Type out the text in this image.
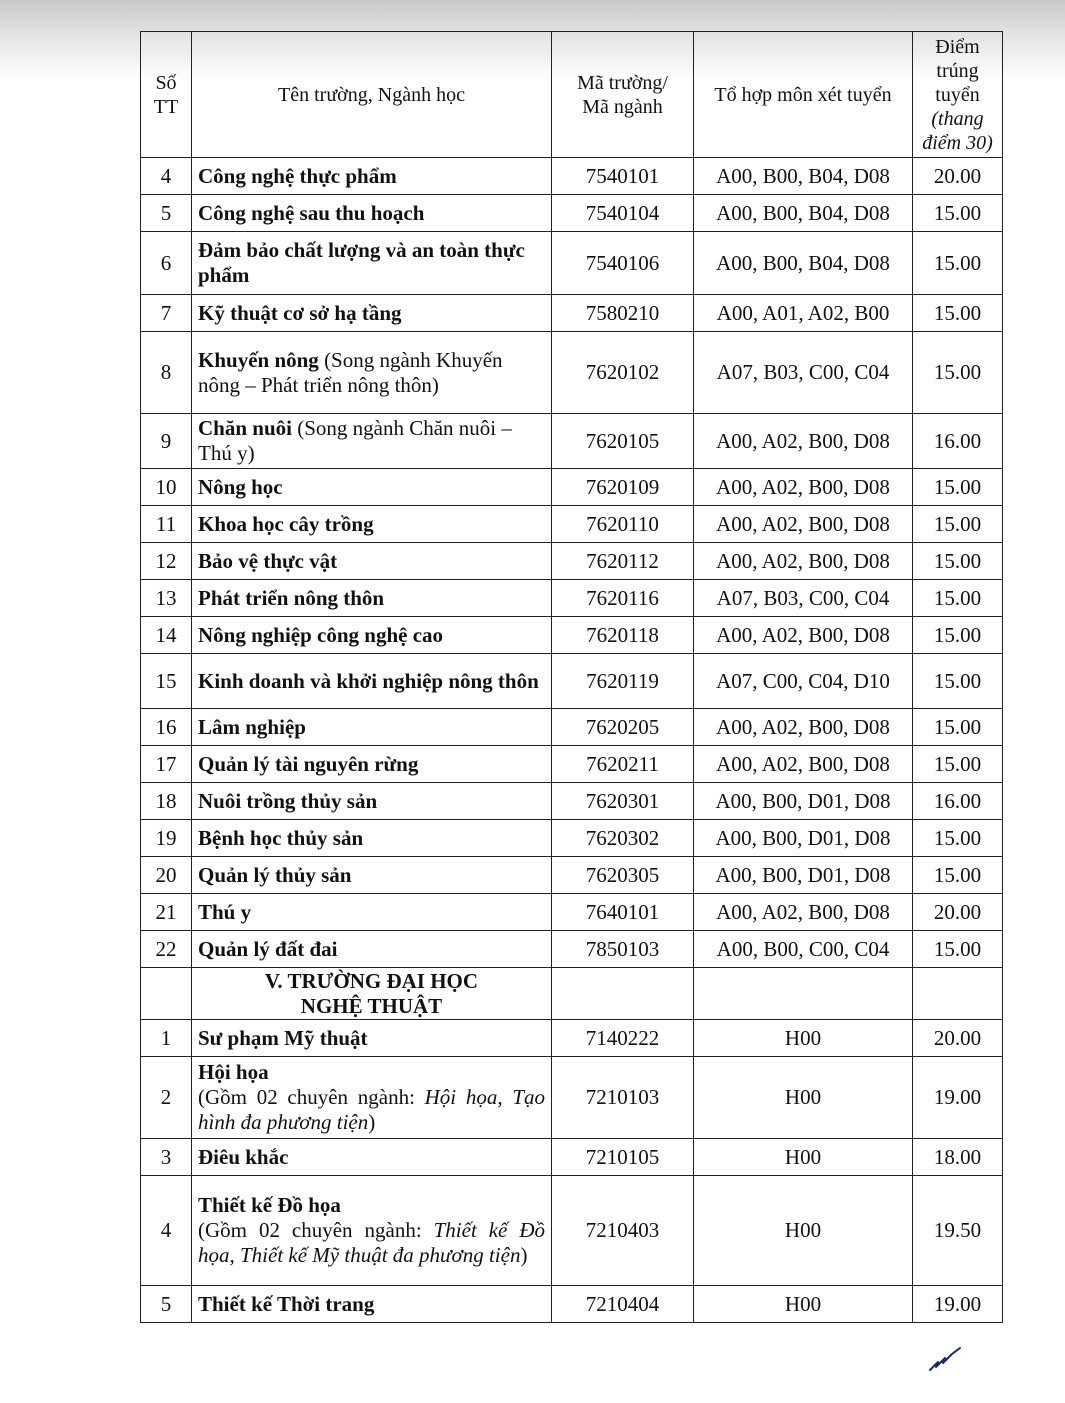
Số TT	Tên trường, Ngành học	Mã trường/ Mã ngành	Tổ hợp môn xét tuyển	Điểm trúng tuyển
(thang điểm 30)

4	Công nghệ thực phẩm	7540101	A00, B00, B04, D08	20.00
5	Công nghệ sau thu hoạch	7540104	A00, B00, B04, D08	15.00
6	Đảm bảo chất lượng và an toàn thực phẩm	7540106	A00, B00, B04, D08	15.00
7	Kỹ thuật cơ sở hạ tầng	7580210	A00, A01, A02, B00	15.00
8	Khuyến nông (Song ngành Khuyến nông – Phát triển nông thôn)	7620102	A07, B03, C00, C04	15.00
9	Chăn nuôi (Song ngành Chăn nuôi – Thú y)	7620105	A00, A02, B00, D08	16.00
10	Nông học	7620109	A00, A02, B00, D08	15.00
11	Khoa học cây trồng	7620110	A00, A02, B00, D08	15.00
12	Bảo vệ thực vật	7620112	A00, A02, B00, D08	15.00
13	Phát triển nông thôn	7620116	A07, B03, C00, C04	15.00
14	Nông nghiệp công nghệ cao	7620118	A00, A02, B00, D08	15.00
15	Kinh doanh và khởi nghiệp nông thôn	7620119	A07, C00, C04, D10	15.00
16	Lâm nghiệp	7620205	A00, A02, B00, D08	15.00
17	Quản lý tài nguyên rừng	7620211	A00, A02, B00, D08	15.00
18	Nuôi trồng thủy sản	7620301	A00, B00, D01, D08	16.00
19	Bệnh học thủy sản	7620302	A00, B00, D01, D08	15.00
20	Quản lý thủy sản	7620305	A00, B00, D01, D08	15.00
21	Thú y	7640101	A00, A02, B00, D08	20.00
22	Quản lý đất đai	7850103	A00, B00, C00, C04	15.00

	V. TRƯỜNG ĐẠI HỌC
NGHỆ THUẬT			

1	Sư phạm Mỹ thuật	7140222	H00	20.00
2	Hội họa
(Gồm 02 chuyên ngành: Hội họa, Tạo hình đa phương tiện)	7210103	H00	19.00
3	Điêu khắc	7210105	H00	18.00
4	Thiết kế Đồ họa
(Gồm 02 chuyên ngành: Thiết kế Đồ họa, Thiết kế Mỹ thuật đa phương tiện)	7210403	H00	19.50
5	Thiết kế Thời trang	7210404	H00	19.00
